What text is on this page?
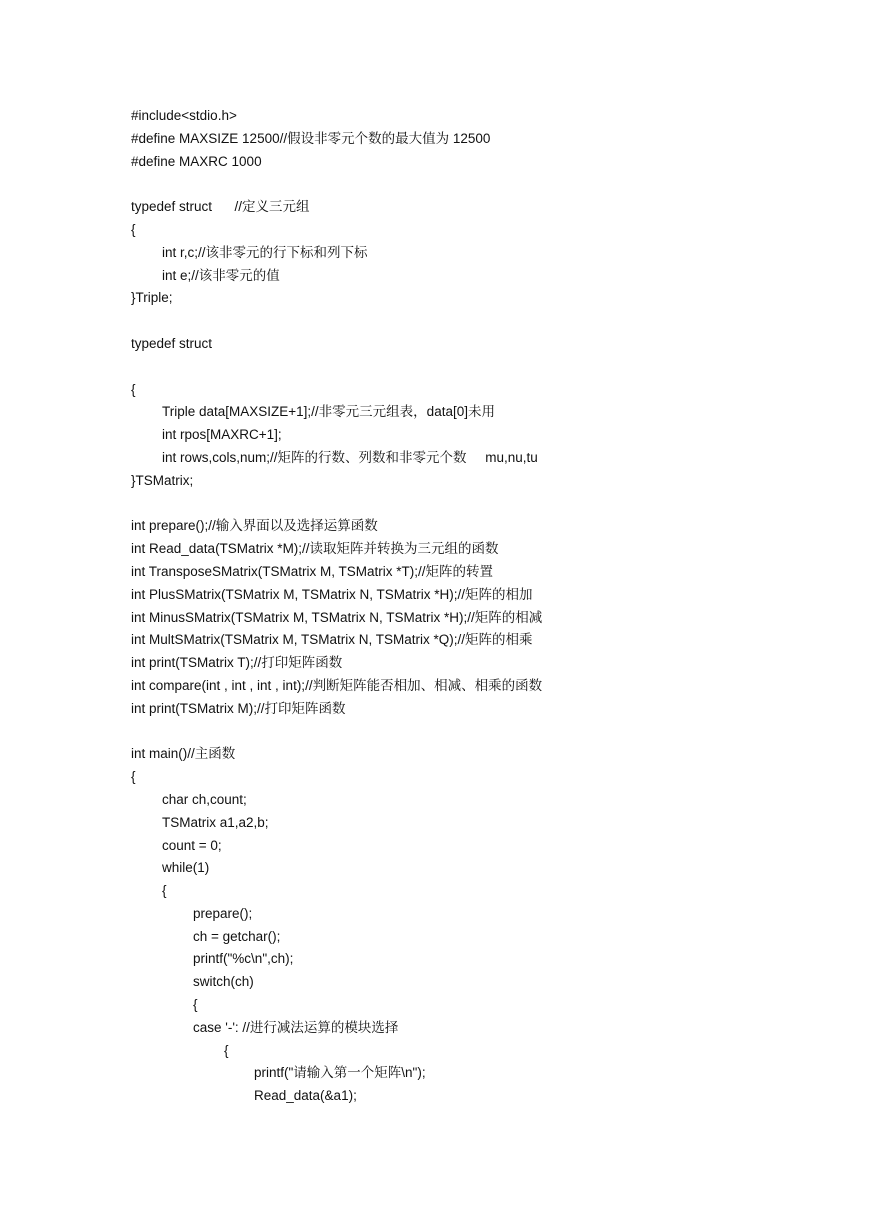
#include<stdio.h>
#define MAXSIZE 12500//假设非零元个数的最大值为 12500
#define MAXRC 1000
typedef struct      //定义三元组
{
int r,c;//该非零元的行下标和列下标
int e;//该非零元的值
}Triple;
typedef struct
{
Triple data[MAXSIZE+1];//非零元三元组表，data[0]未用
int rpos[MAXRC+1];
int rows,cols,num;//矩阵的行数、列数和非零元个数     mu,nu,tu
}TSMatrix;
int prepare();//输入界面以及选择运算函数
int Read_data(TSMatrix *M);//读取矩阵并转换为三元组的函数
int TransposeSMatrix(TSMatrix M, TSMatrix *T);//矩阵的转置
int PlusSMatrix(TSMatrix M, TSMatrix N, TSMatrix *H);//矩阵的相加
int MinusSMatrix(TSMatrix M, TSMatrix N, TSMatrix *H);//矩阵的相减
int MultSMatrix(TSMatrix M, TSMatrix N, TSMatrix *Q);//矩阵的相乘
int print(TSMatrix T);//打印矩阵函数
int compare(int , int , int , int);//判断矩阵能否相加、相减、相乘的函数
int print(TSMatrix M);//打印矩阵函数
int main()//主函数
{
char ch,count;
TSMatrix a1,a2,b;
count = 0;
while(1)
{
prepare();
ch = getchar();
printf("%c\n",ch);
switch(ch)
{
case '-': //进行减法运算的模块选择
{
printf("请输入第一个矩阵\n");
Read_data(&a1);
